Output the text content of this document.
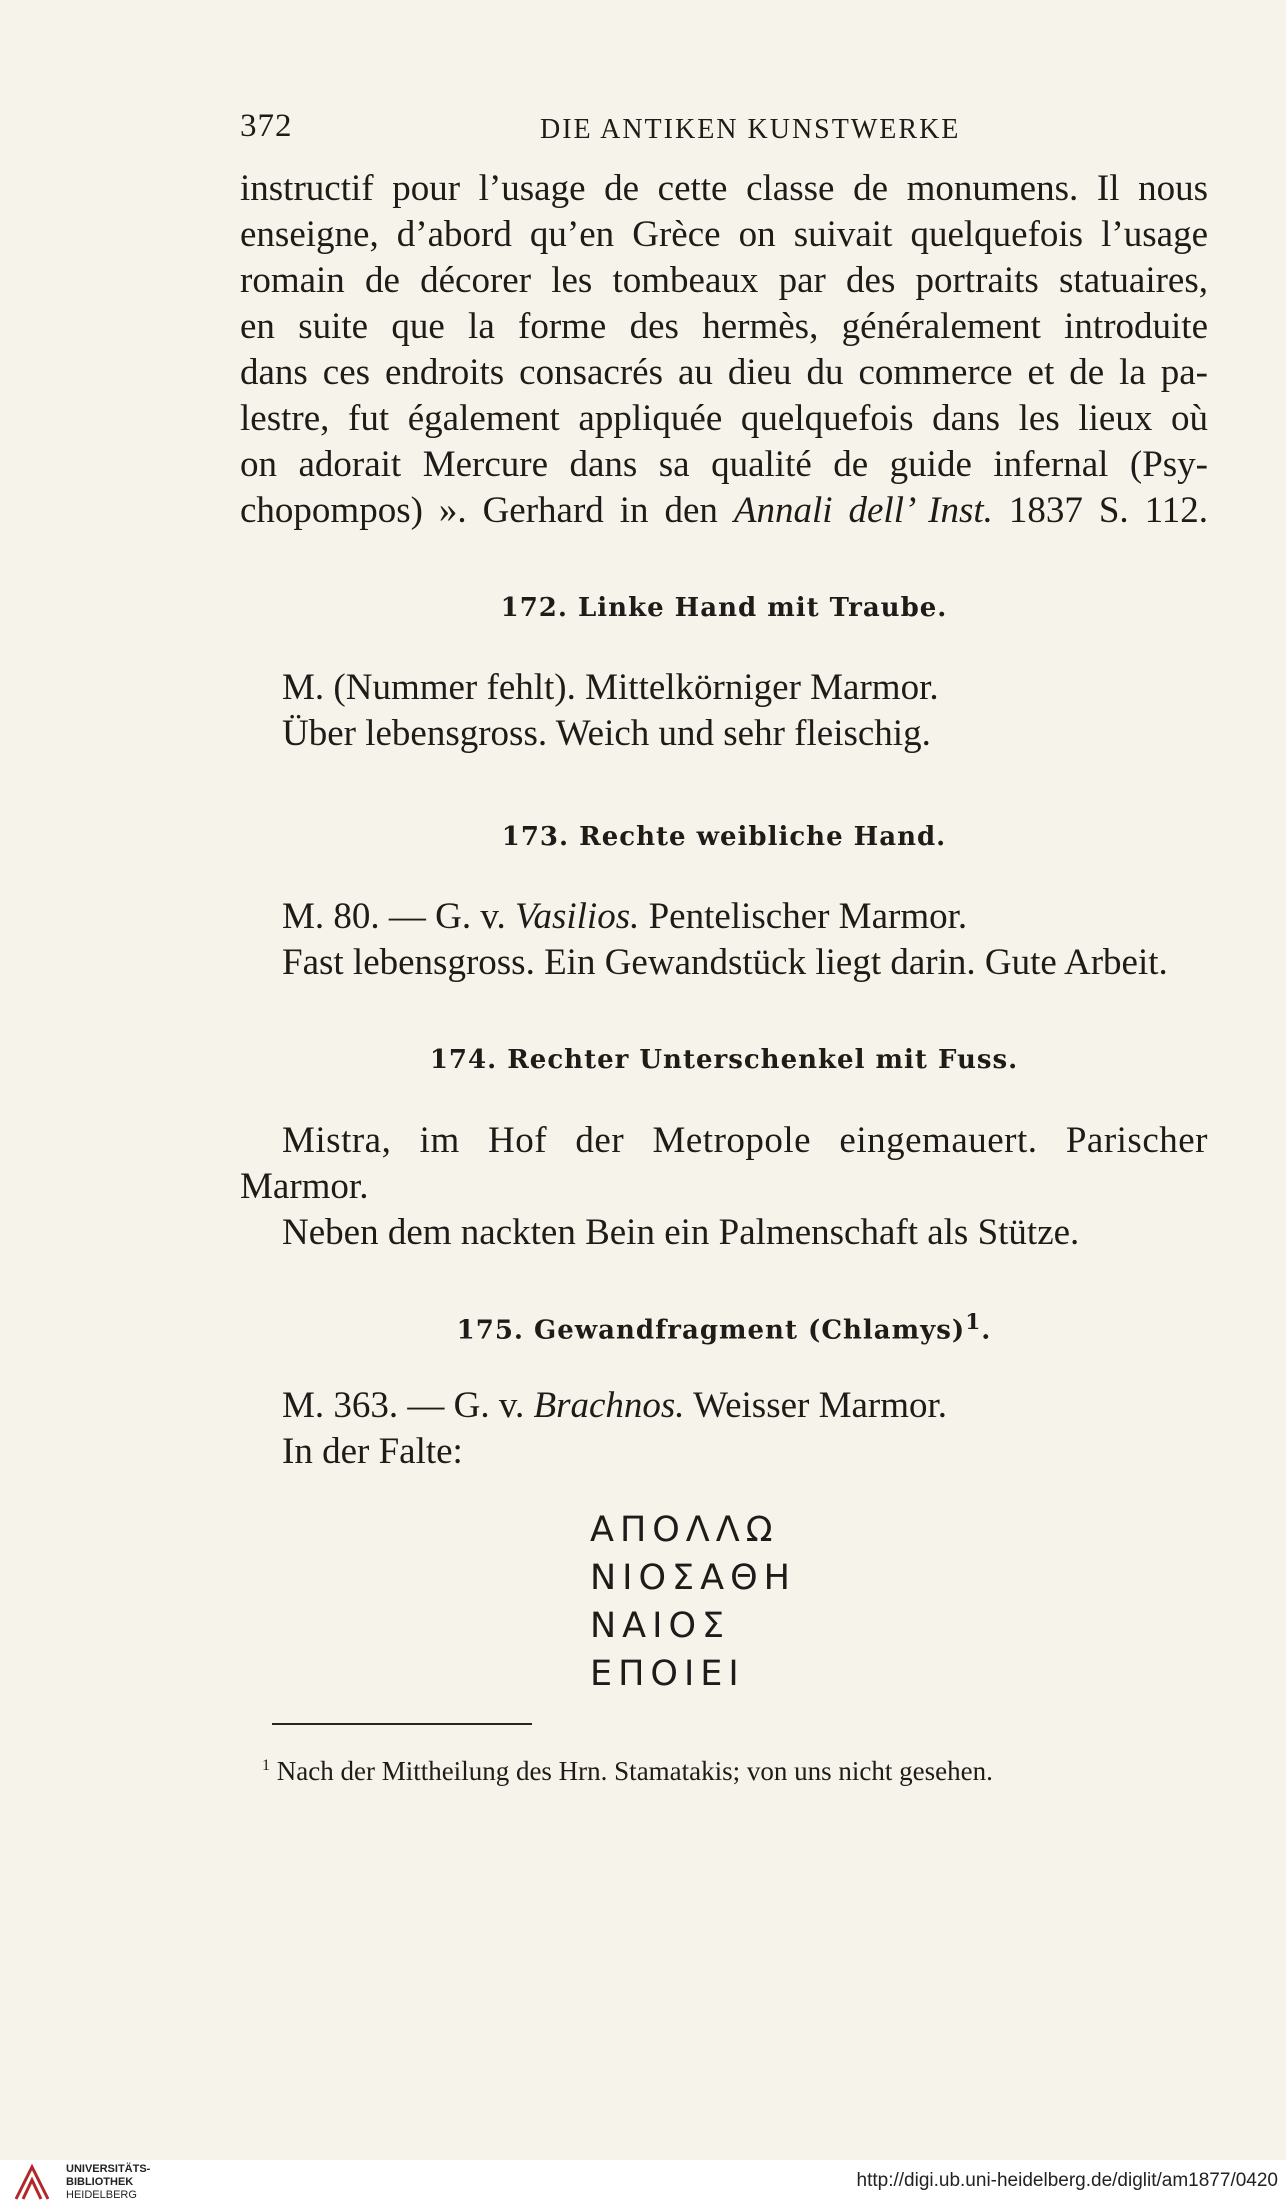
372	DIE ANTIKEN KUNSTWERKE
instructif pour l’usage de cette classe de monumens. Il nous
enseigne, d’abord qu’en Grèce on suivait quelquefois l’usage
romain de décorer les tombeaux par des portraits statuaires,
en suite que la forme des hermès, généralement introduite
dans ces endroits consacrés au dieu du commerce et de la pa-
lestre, fut également appliquée quelquefois dans les lieux où
on adorait Mercure dans sa qualité de guide infernal (Psy-
chopompos) ». Gerhard in den Annali dell’ Inst. 1837 S. 112.
172. Linke Hand mit Traube.
M. (Nummer fehlt). Mittelkörniger Marmor.
Über lebensgross. Weich und sehr fleischig.
173. Rechte weibliche Hand.
M. 80. — G. v. Vasilios. Pentelischer Marmor.
Fast lebensgross. Ein Gewandstück liegt darin. Gute Arbeit.
174. Rechter Unterschenkel mit Fuss.
Mistra, im Hof der Metropole eingemauert. Parischer
Marmor.
Neben dem nackten Bein ein Palmenschaft als Stütze.
175. Gewandfragment (Chlamys)$^1$.
M. 363. — G. v. Brachnos. Weisser Marmor.
In der Falte:
ΑΠΟΛΛΩ
ΝΙΟΣΑΘΗ
ΝΑΙΟΣ
ΕΠΟΙΕΙ
$^1$ Nach der Mittheilung des Hrn. Stamatakis; von uns nicht gesehen.
UNIVERSITÄTS-
BIBLIOTHEK
HEIDELBERG
http://digi.ub.uni-heidelberg.de/diglit/am1877/0420
